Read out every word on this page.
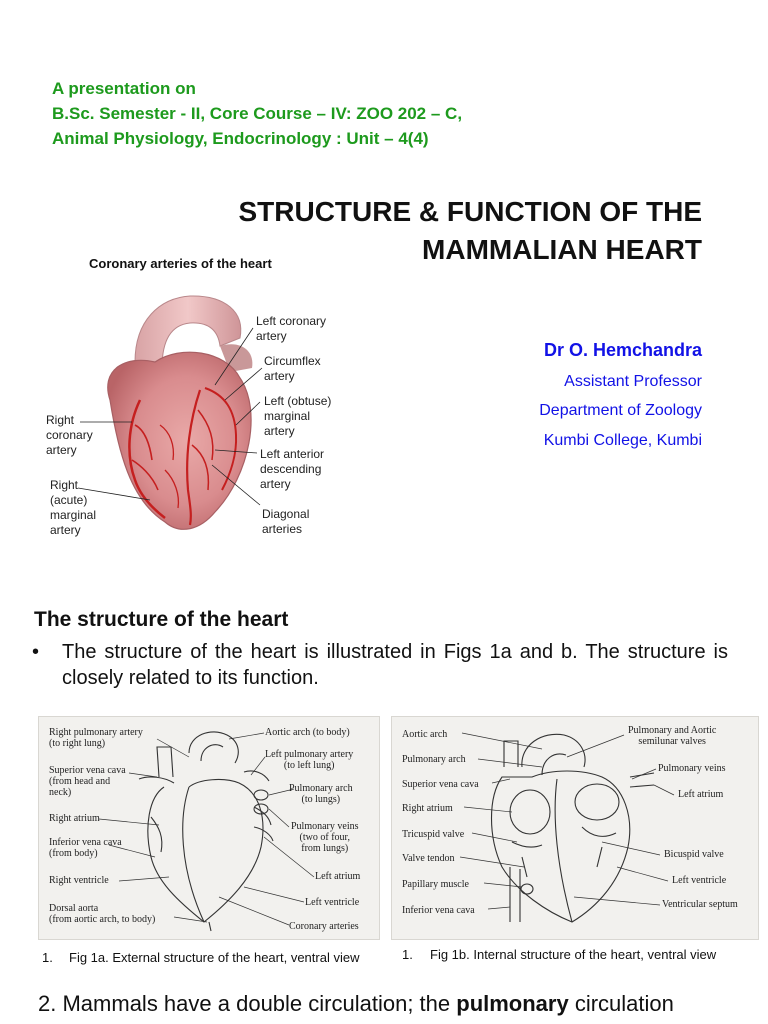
A presentation on
B.Sc. Semester - II, Core Course – IV: ZOO 202 – C,
Animal Physiology, Endocrinology : Unit – 4(4)
STRUCTURE & FUNCTION OF THE
MAMMALIAN HEART
Dr O. Hemchandra
Assistant Professor
Department of Zoology
Kumbi College, Kumbi
Coronary arteries of the heart
Left coronary
artery
Circumflex
artery
Left (obtuse)
marginal
artery
Left anterior
descending
artery
Diagonal
arteries
Right
coronary
artery
Right
(acute)
marginal
artery
The structure of the heart
• The structure of the heart is illustrated in Figs 1a and b. The structure is closely related to its function.
Right pulmonary artery
(to right lung)
Superior vena cava
(from head and
neck)
Right atrium
Inferior vena cava
(from body)
Right ventricle
Dorsal aorta
(from aortic arch, to body)
Aortic arch (to body)
Left pulmonary artery
(to left lung)
Pulmonary arch
(to lungs)
Pulmonary veins
(two of four,
from lungs)
Left atrium
Left ventricle
Coronary arteries
Aortic arch
Pulmonary arch
Superior vena cava
Right atrium
Tricuspid valve
Valve tendon
Papillary muscle
Inferior vena cava
Pulmonary and Aortic
semilunar valves
Pulmonary veins
Left atrium
Bicuspid valve
Left ventricle
Ventricular septum
1. Fig 1a. External structure of the heart, ventral view	1. Fig 1b. Internal structure of the heart, ventral view
2. Mammals have a double circulation; the pulmonary circulation
